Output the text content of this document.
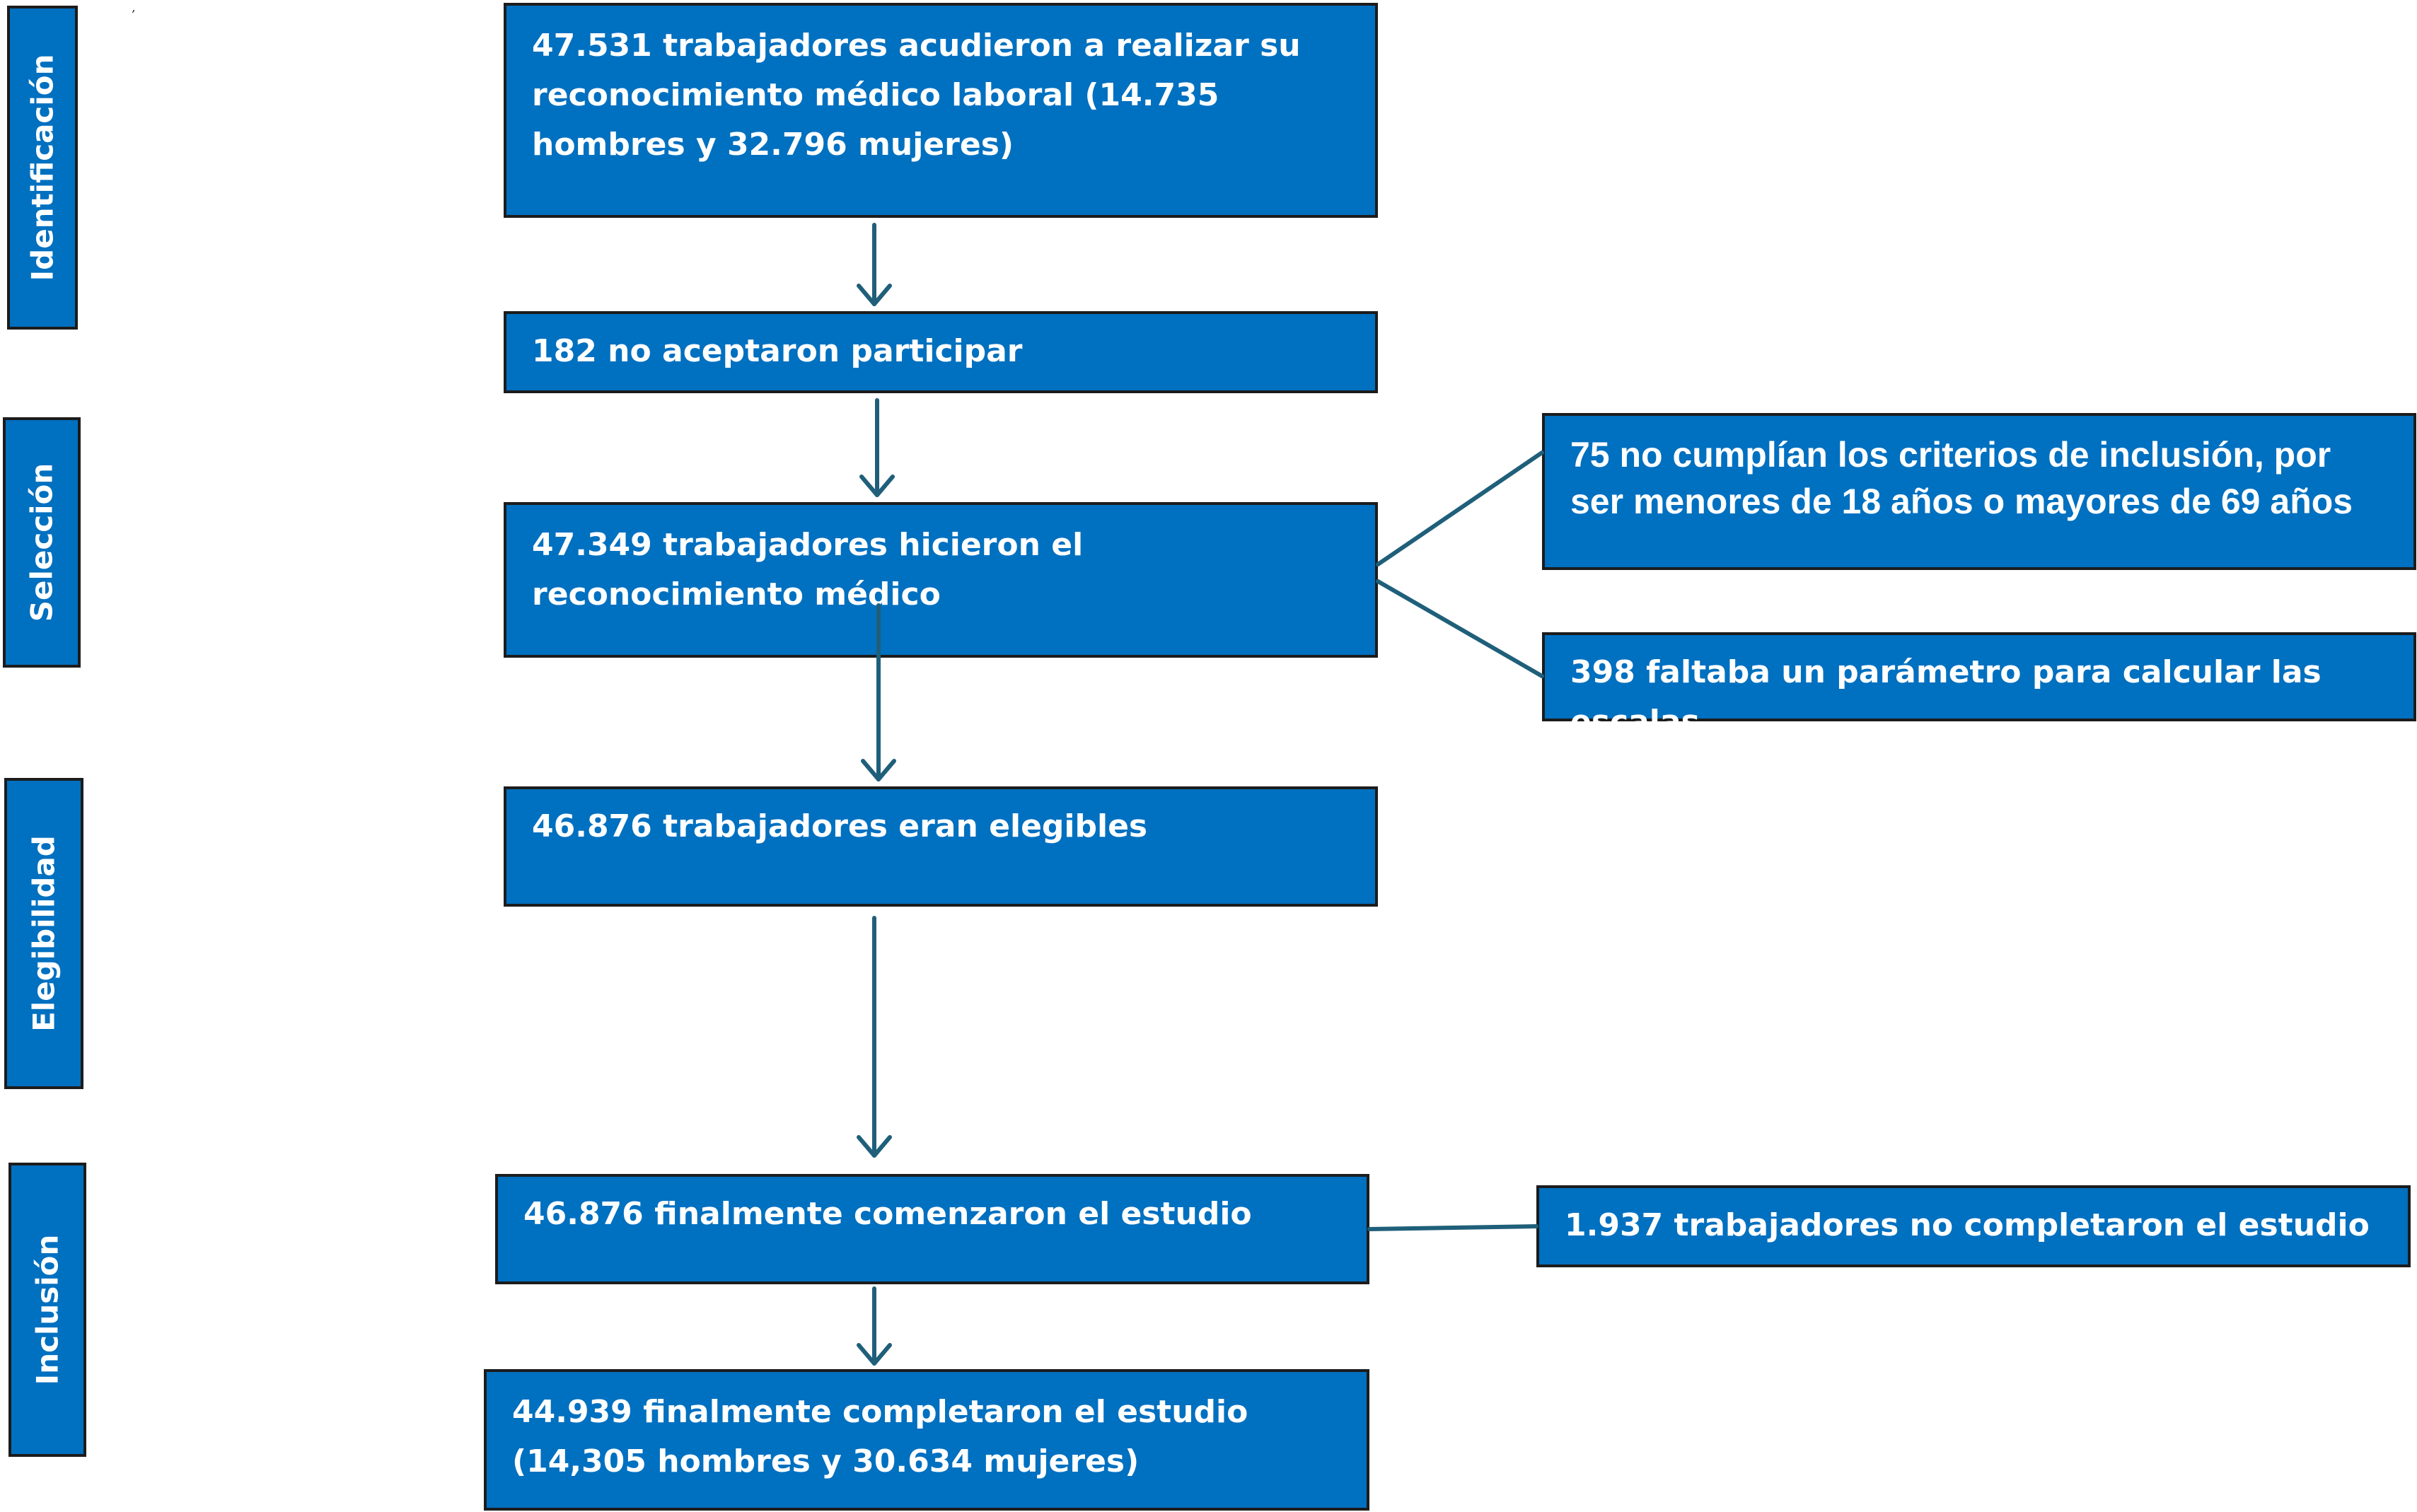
,
Identificación
Selección
Elegibilidad
Inclusión
47.531 trabajadores acudieron a realizar su reconocimiento médico laboral (14.735 hombres y 32.796 mujeres)
182 no aceptaron participar
47.349 trabajadores hicieron el reconocimiento médico
46.876 trabajadores eran elegibles
46.876 finalmente comenzaron el estudio
44.939 finalmente completaron el estudio (14,305 hombres y 30.634 mujeres)
75 no cumplían los criterios de inclusión, por ser menores de 18 años o mayores de 69 años
398 faltaba un parámetro para calcular las escalas
1.937 trabajadores no completaron el estudio
